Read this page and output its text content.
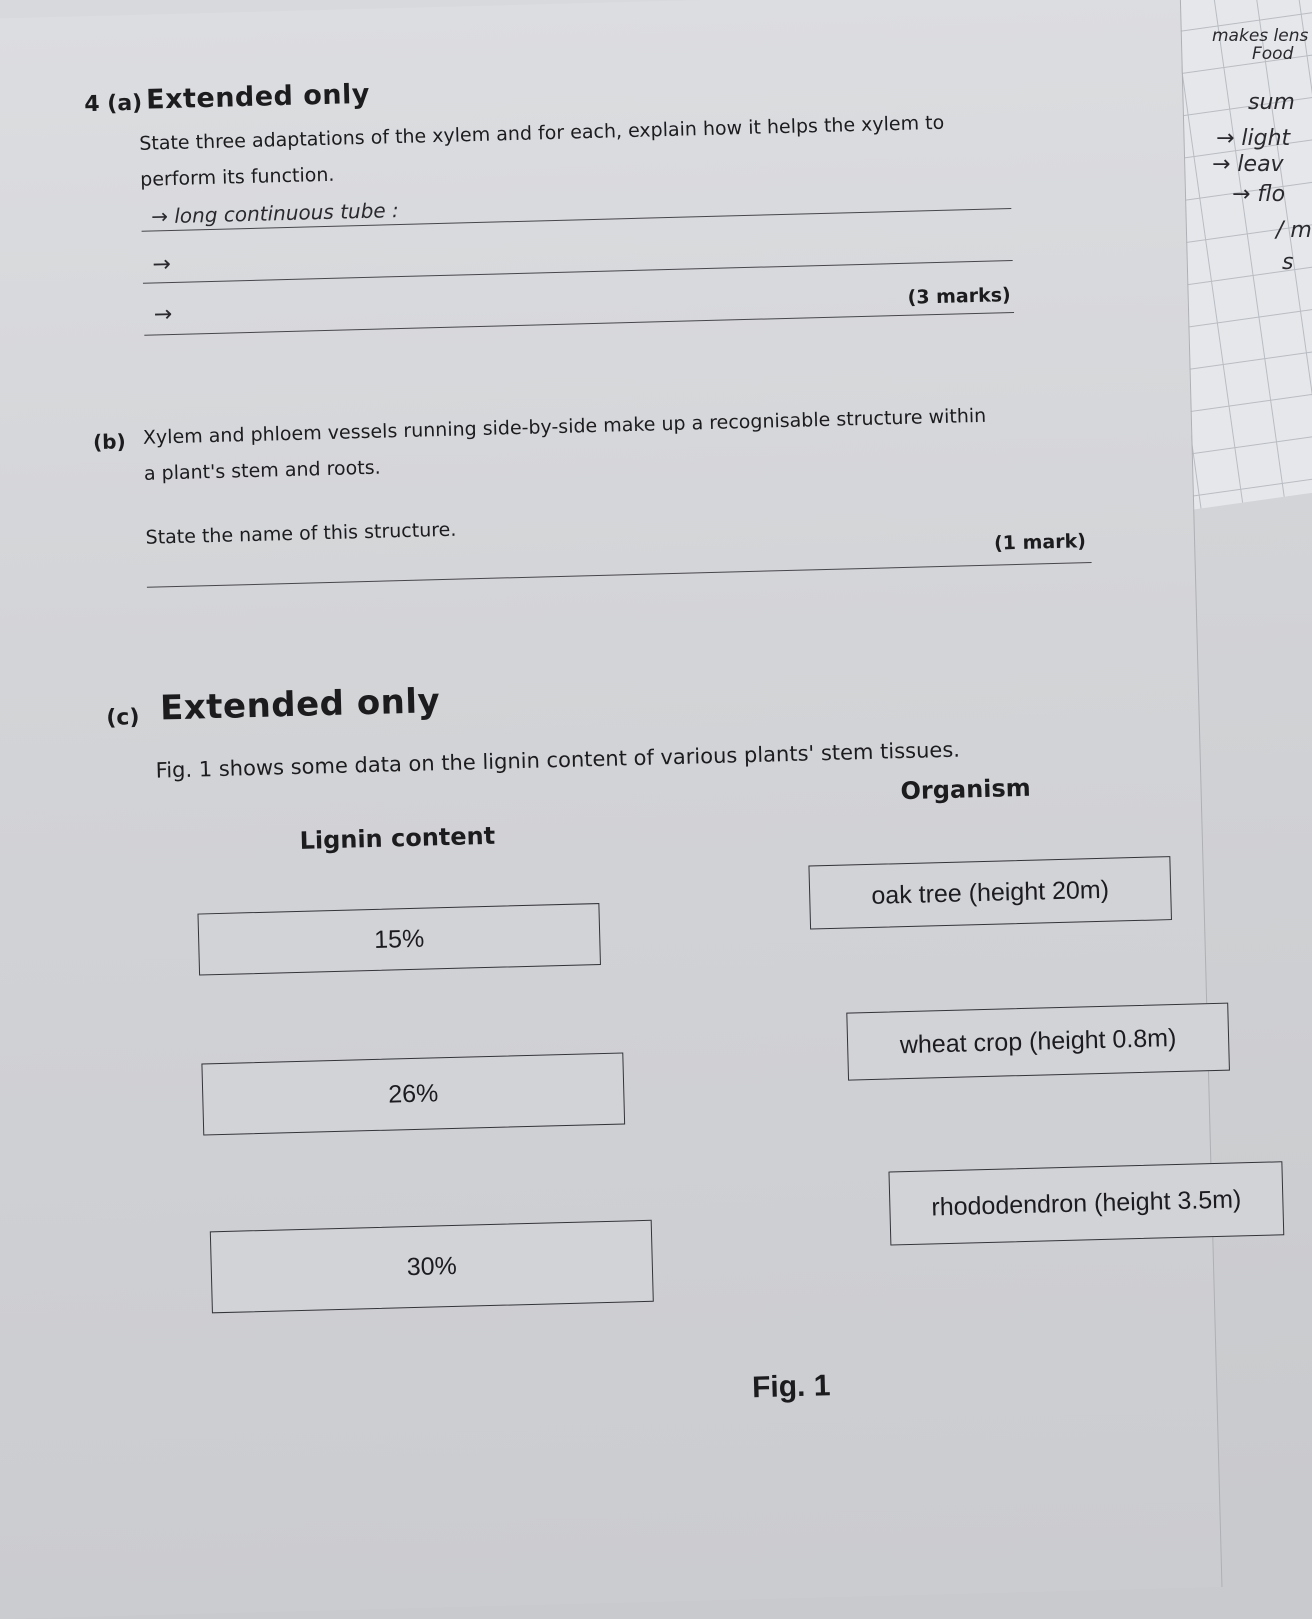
makes lens
Food
sum
→ light
→ leav
→ flo
/ m
s
4 (a) Extended only
State three adaptations of the xylem and for each, explain how it helps the xylem to
perform its function.
→ long continuous tube :
→
→
(3 marks)
(b) Xylem and phloem vessels running side-by-side make up a recognisable structure within
a plant's stem and roots.
State the name of this structure.	(1 mark)
(c) Extended only
Fig. 1 shows some data on the lignin content of various plants' stem tissues.
Organism
Lignin content
15%
26%
30%
oak tree (height 20m)
wheat crop (height 0.8m)
rhododendron (height 3.5m)
Fig. 1
